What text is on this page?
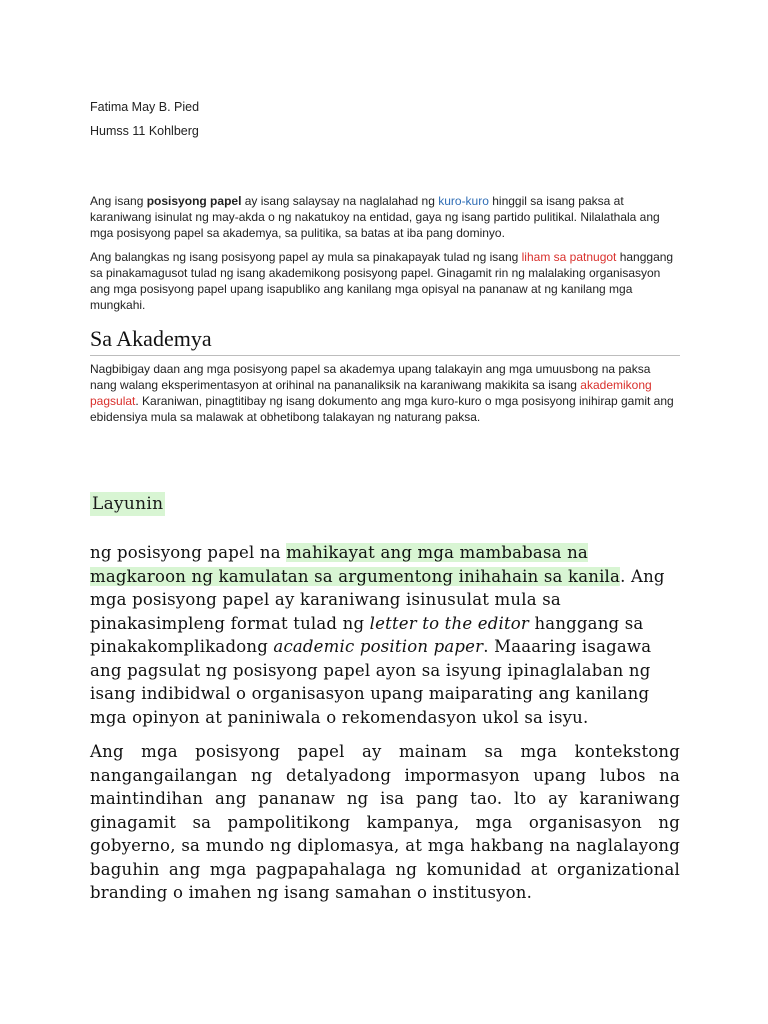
Fatima May B. Pied
Humss 11 Kohlberg

Ang isang posisyong papel ay isang salaysay na naglalahad ng kuro-kuro hinggil sa isang paksa at karaniwang isinulat ng may-akda o ng nakatukoy na entidad, gaya ng isang partido pulitikal. Nilalathala ang mga posisyong papel sa akademya, sa pulitika, sa batas at iba pang dominyo.

Ang balangkas ng isang posisyong papel ay mula sa pinakapayak tulad ng isang liham sa patnugot hanggang sa pinakamagusot tulad ng isang akademikong posisyong papel. Ginagamit rin ng malalaking organisasyon ang mga posisyong papel upang isapubliko ang kanilang mga opisyal na pananaw at ng kanilang mga mungkahi.

Sa Akademya

Nagbibigay daan ang mga posisyong papel sa akademya upang talakayin ang mga umuusbong na paksa nang walang eksperimentasyon at orihinal na pananaliksik na karaniwang makikita sa isang akademikong pagsulat. Karaniwan, pinagtitibay ng isang dokumento ang mga kuro-kuro o mga posisyong inihirap gamit ang ebidensiya mula sa malawak at obhetibong talakayan ng naturang paksa.

Layunin

ng posisyong papel na mahikayat ang mga mambabasa na magkaroon ng kamulatan sa argumentong inihahain sa kanila. Ang mga posisyong papel ay karaniwang isinusulat mula sa pinakasimpleng format tulad ng letter to the editor hanggang sa pinakakomplikadong academic position paper. Maaaring isagawa ang pagsulat ng posisyong papel ayon sa isyung ipinaglalaban ng isang indibidwal o organisasyon upang maiparating ang kanilang mga opinyon at paniniwala o rekomendasyon ukol sa isyu.

Ang mga posisyong papel ay mainam sa mga kontekstong nangangailangan ng detalyadong impormasyon upang lubos na maintindihan ang pananaw ng isa pang tao. lto ay karaniwang ginagamit sa pampolitikong kampanya, mga organisasyon ng gobyerno, sa mundo ng diplomasya, at mga hakbang na naglalayong baguhin ang mga pagpapahalaga ng komunidad at organizational branding o imahen ng isang samahan o institusyon.
